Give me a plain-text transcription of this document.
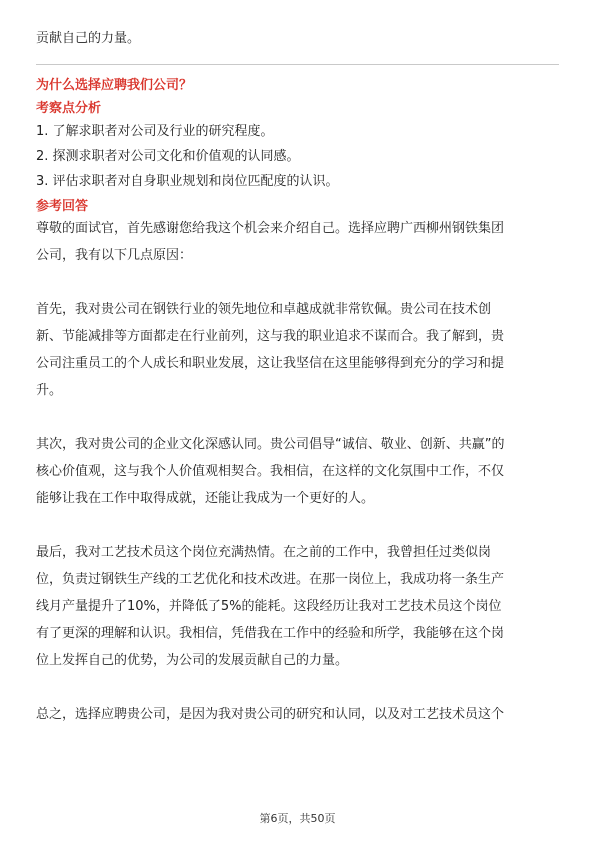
贡献自己的力量。

为什么选择应聘我们公司？

考察点分析

1. 了解求职者对公司及行业的研究程度。

2. 探测求职者对公司文化和价值观的认同感。

3. 评估求职者对自身职业规划和岗位匹配度的认识。

参考回答

尊敬的面试官，首先感谢您给我这个机会来介绍自己。选择应聘广西柳州钢铁集团

公司，我有以下几点原因：

首先，我对贵公司在钢铁行业的领先地位和卓越成就非常钦佩。贵公司在技术创

新、节能减排等方面都走在行业前列，这与我的职业追求不谋而合。我了解到，贵

公司注重员工的个人成长和职业发展，这让我坚信在这里能够得到充分的学习和提

升。

其次，我对贵公司的企业文化深感认同。贵公司倡导“诚信、敬业、创新、共赢”的

核心价值观，这与我个人价值观相契合。我相信，在这样的文化氛围中工作，不仅

能够让我在工作中取得成就，还能让我成为一个更好的人。

最后，我对工艺技术员这个岗位充满热情。在之前的工作中，我曾担任过类似岗

位，负责过钢铁生产线的工艺优化和技术改进。在那一岗位上，我成功将一条生产

线月产量提升了10%，并降低了5%的能耗。这段经历让我对工艺技术员这个岗位

有了更深的理解和认识。我相信，凭借我在工作中的经验和所学，我能够在这个岗

位上发挥自己的优势，为公司的发展贡献自己的力量。

总之，选择应聘贵公司，是因为我对贵公司的研究和认同，以及对工艺技术员这个

第6页，共50页
